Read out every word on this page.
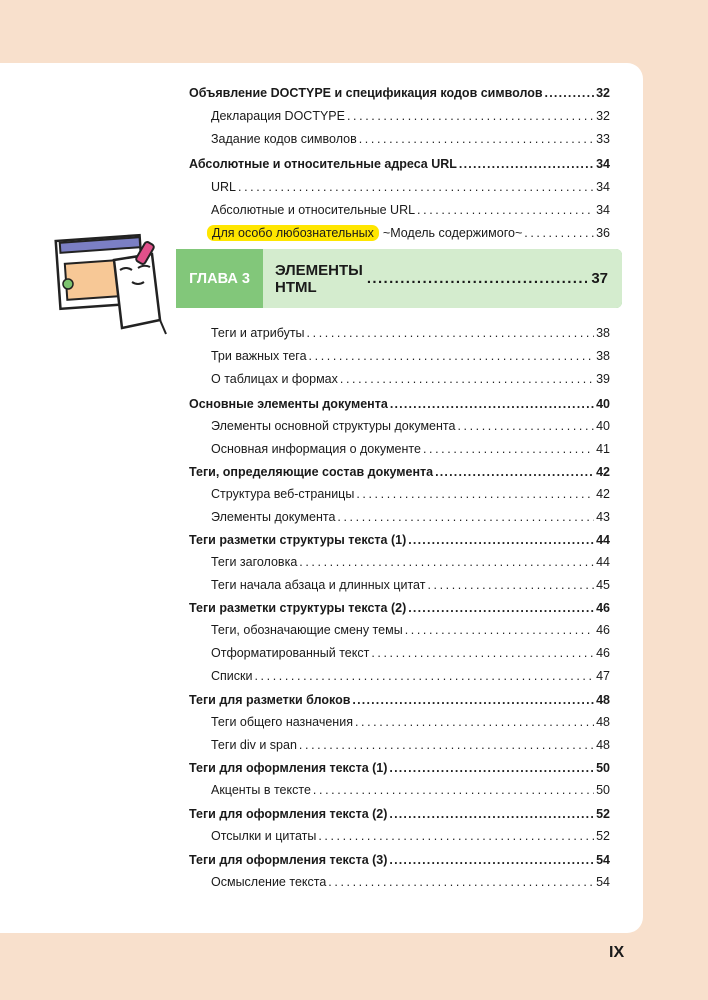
Объявление DOCTYPE и спецификация кодов символов .....	32
Декларация DOCTYPE .....	32
Задание кодов символов .....	33
Абсолютные и относительные адреса URL .....	34
URL .....	34
Абсолютные и относительные URL .....	34
Для особо любознательных ~Модель содержимого~ .....	36
Теги и атрибуты .....	38
Три важных тега .....	38
О таблицах и формах .....	39
Основные элементы документа .....	40
Элементы основной структуры документа .....	40
Основная информация о документе .....	41
Теги, определяющие состав документа .....	42
Структура веб-страницы .....	42
Элементы документа .....	43
Теги разметки структуры текста (1) .....	44
Теги заголовка .....	44
Теги начала абзаца и длинных цитат .....	45
Теги разметки структуры текста (2) .....	46
Теги, обозначающие смену темы .....	46
Отформатированный текст .....	46
Списки .....	47
Теги для разметки блоков .....	48
Теги общего назначения .....	48
Теги div и span .....	48
Теги для оформления текста (1) .....	50
Акценты в тексте .....	50
Теги для оформления текста (2) .....	52
Отсылки и цитаты .....	52
Теги для оформления текста (3) .....	54
Осмысление текста .....	54
ГЛАВА 3	ЭЛЕМЕНТЫ HTML .....	37
IX
